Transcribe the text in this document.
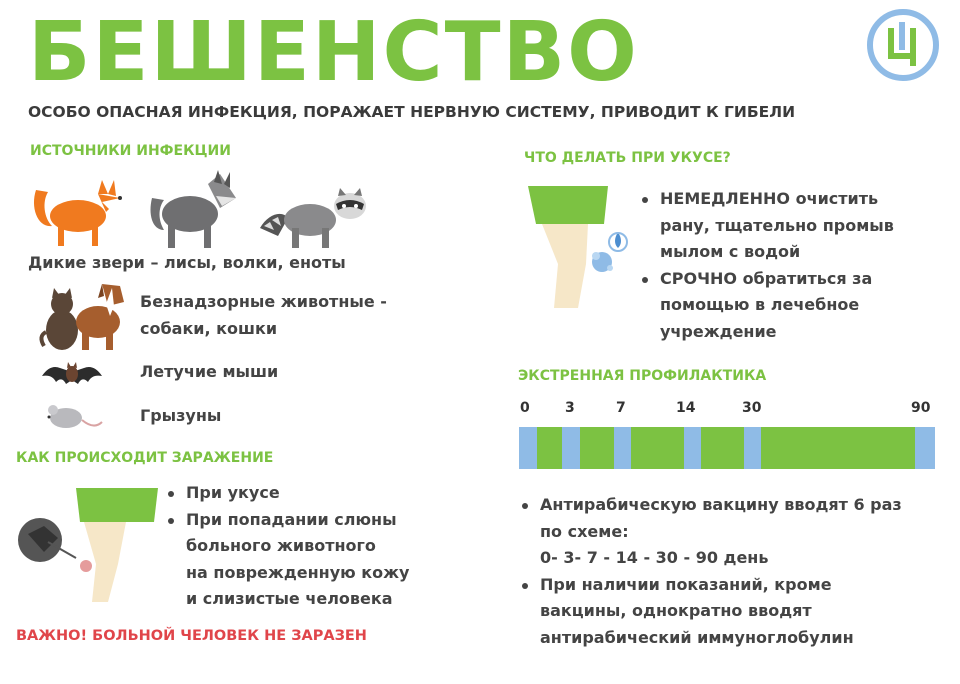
БЕШЕНСТВО
ОСОБО ОПАСНАЯ ИНФЕКЦИЯ, ПОРАЖАЕТ НЕРВНУЮ СИСТЕМУ, ПРИВОДИТ К ГИБЕЛИ
ИСТОЧНИКИ ИНФЕКЦИИ
Дикие звери – лисы, волки, еноты
Безнадзорные животные -
собаки, кошки
Летучие мыши
Грызуны
КАК ПРОИСХОДИТ ЗАРАЖЕНИЕ
При укусе
При попадании слюны
больного животного
на поврежденную кожу
и слизистые человека
ВАЖНО! БОЛЬНОЙ ЧЕЛОВЕК НЕ ЗАРАЗЕН
ЧТО ДЕЛАТЬ ПРИ УКУСЕ?
НЕМЕДЛЕННО очистить
рану, тщательно промыв
мылом с водой
СРОЧНО обратиться за
помощью в лечебное
учреждение
ЭКСТРЕННАЯ ПРОФИЛАКТИКА
0	3	7	14	30	90
Антирабическую вакцину вводят 6 раз
по схеме:
0- 3- 7 - 14 - 30 - 90 день
При наличии показаний, кроме
вакцины, однократно вводят
антирабический иммуноглобулин
